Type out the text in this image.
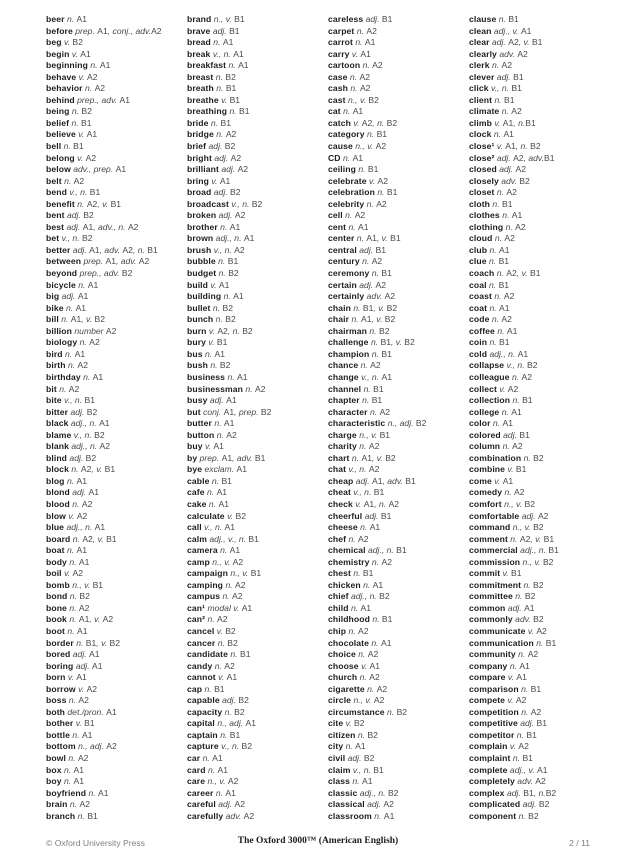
beer n. A1
before prep. A1, conj., adv.A2
beg v. B2
begin v. A1
beginning n. A1
behave v. A2
behavior n. A2
behind prep., adv. A1
being n. B2
belief n. B1
believe v. A1
bell n. B1
belong v. A2
below adv., prep. A1
belt n. A2
bend v., n. B1
benefit n. A2, v. B1
bent adj. B2
best adj. A1, adv., n. A2
bet v., n. B2
better adj. A1, adv. A2, n. B1
between prep. A1, adv. A2
beyond prep., adv. B2
bicycle n. A1
big adj. A1
bike n. A1
bill n. A1, v. B2
billion number A2
biology n. A2
bird n. A1
birth n. A2
birthday n. A1
bit n. A2
bite v., n. B1
bitter adj. B2
black adj., n. A1
blame v., n. B2
blank adj., n. A2
blind adj. B2
block n. A2, v. B1
blog n. A1
blond adj. A1
blood n. A2
blow v. A2
blue adj., n. A1
board n. A2, v. B1
boat n. A1
body n. A1
boil v. A2
bomb n., v. B1
bond n. B2
bone n. A2
book n. A1, v. A2
boot n. A1
border n. B1, v. B2
bored adj. A1
boring adj. A1
born v. A1
borrow v. A2
boss n. A2
both det./pron. A1
bother v. B1
bottle n. A1
bottom n., adj. A2
bowl n. A2
box n. A1
boy n. A1
boyfriend n. A1
brain n. A2
branch n. B1
brand n., v. B1
brave adj. B1
bread n. A1
break v., n. A1
breakfast n. A1
breast n. B2
breath n. B1
breathe v. B1
breathing n. B1
bride n. B1
bridge n. A2
brief adj. B2
bright adj. A2
brilliant adj. A2
bring v. A1
broad adj. B2
broadcast v., n. B2
broken adj. A2
brother n. A1
brown adj., n. A1
brush v., n. A2
bubble n. B1
budget n. B2
build v. A1
building n. A1
bullet n. B2
bunch n. B2
burn v. A2, n. B2
bury v. B1
bus n. A1
bush n. B2
business n. A1
businessman n. A2
busy adj. A1
but conj. A1, prep. B2
butter n. A1
button n. A2
buy v. A1
by prep. A1, adv. B1
bye exclam. A1
cable n. B1
cafe n. A1
cake n. A1
calculate v. B2
call v., n. A1
calm adj., v., n. B1
camera n. A1
camp n., v. A2
campaign n., v. B1
camping n. A2
campus n. A2
can¹ modal v. A1
can² n. A2
cancel v. B2
cancer n. B2
candidate n. B1
candy n. A2
cannot v. A1
cap n. B1
capable adj. B2
capacity n. B2
capital n., adj. A1
captain n. B1
capture v., n. B2
car n. A1
card n. A1
care n., v. A2
career n. A1
careful adj. A2
carefully adv. A2
careless adj. B1
carpet n. A2
carrot n. A1
carry v. A1
cartoon n. A2
case n. A2
cash n. A2
cast n., v. B2
cat n. A1
catch v. A2, n. B2
category n. B1
cause n., v. A2
CD n. A1
ceiling n. B1
celebrate v. A2
celebration n. B1
celebrity n. A2
cell n. A2
cent n. A1
center n. A1, v. B1
central adj. B1
century n. A2
ceremony n. B1
certain adj. A2
certainly adv. A2
chain n. B1, v. B2
chair n. A1, v. B2
chairman n. B2
challenge n. B1, v. B2
champion n. B1
chance n. A2
change v., n. A1
channel n. B1
chapter n. B1
character n. A2
characteristic n., adj. B2
charge n., v. B1
charity n. A2
chart n. A1, v. B2
chat v., n. A2
cheap adj. A1, adv. B1
cheat v., n. B1
check v. A1, n. A2
cheerful adj. B1
cheese n. A1
chef n. A2
chemical adj., n. B1
chemistry n. A2
chest n. B1
chicken n. A1
chief adj., n. B2
child n. A1
childhood n. B1
chip n. A2
chocolate n. A1
choice n. A2
choose v. A1
church n. A2
cigarette n. A2
circle n., v. A2
circumstance n. B2
cite v. B2
citizen n. B2
city n. A1
civil adj. B2
claim v., n. B1
class n. A1
classic adj., n. B2
classical adj. A2
classroom n. A1
clause n. B1
clean adj., v. A1
clear adj. A2, v. B1
clearly adv. A2
clerk n. A2
clever adj. B1
click v., n. B1
client n. B1
climate n. A2
climb v. A1, n.B1
clock n. A1
close¹ v. A1, n. B2
close² adj. A2, adv.B1
closed adj. A2
closely adv. B2
closet n. A2
cloth n. B1
clothes n. A1
clothing n. A2
cloud n. A2
club n. A1
clue n. B1
coach n. A2, v. B1
coal n. B1
coast n. A2
coat n. A1
code n. A2
coffee n. A1
coin n. B1
cold adj., n. A1
collapse v., n. B2
colleague n. A2
collect v. A2
collection n. B1
college n. A1
color n. A1
colored adj. B1
column n. A2
combination n. B2
combine v. B1
come v. A1
comedy n. A2
comfort n., v. B2
comfortable adj. A2
command n., v. B2
comment n. A2, v. B1
commercial adj., n. B1
commission n., v. B2
commit v. B1
commitment n. B2
committee n. B2
common adj. A1
commonly adv. B2
communicate v. A2
communication n. B1
community n. A2
company n. A1
compare v. A1
comparison n. B1
compete v. A2
competition n. A2
competitive adj. B1
competitor n. B1
complain v. A2
complaint n. B1
complete adj., v. A1
completely adv. A2
complex adj. B1, n.B2
complicated adj. B2
component n. B2
© Oxford University Press	The Oxford 3000™ (American English)	2 / 11
